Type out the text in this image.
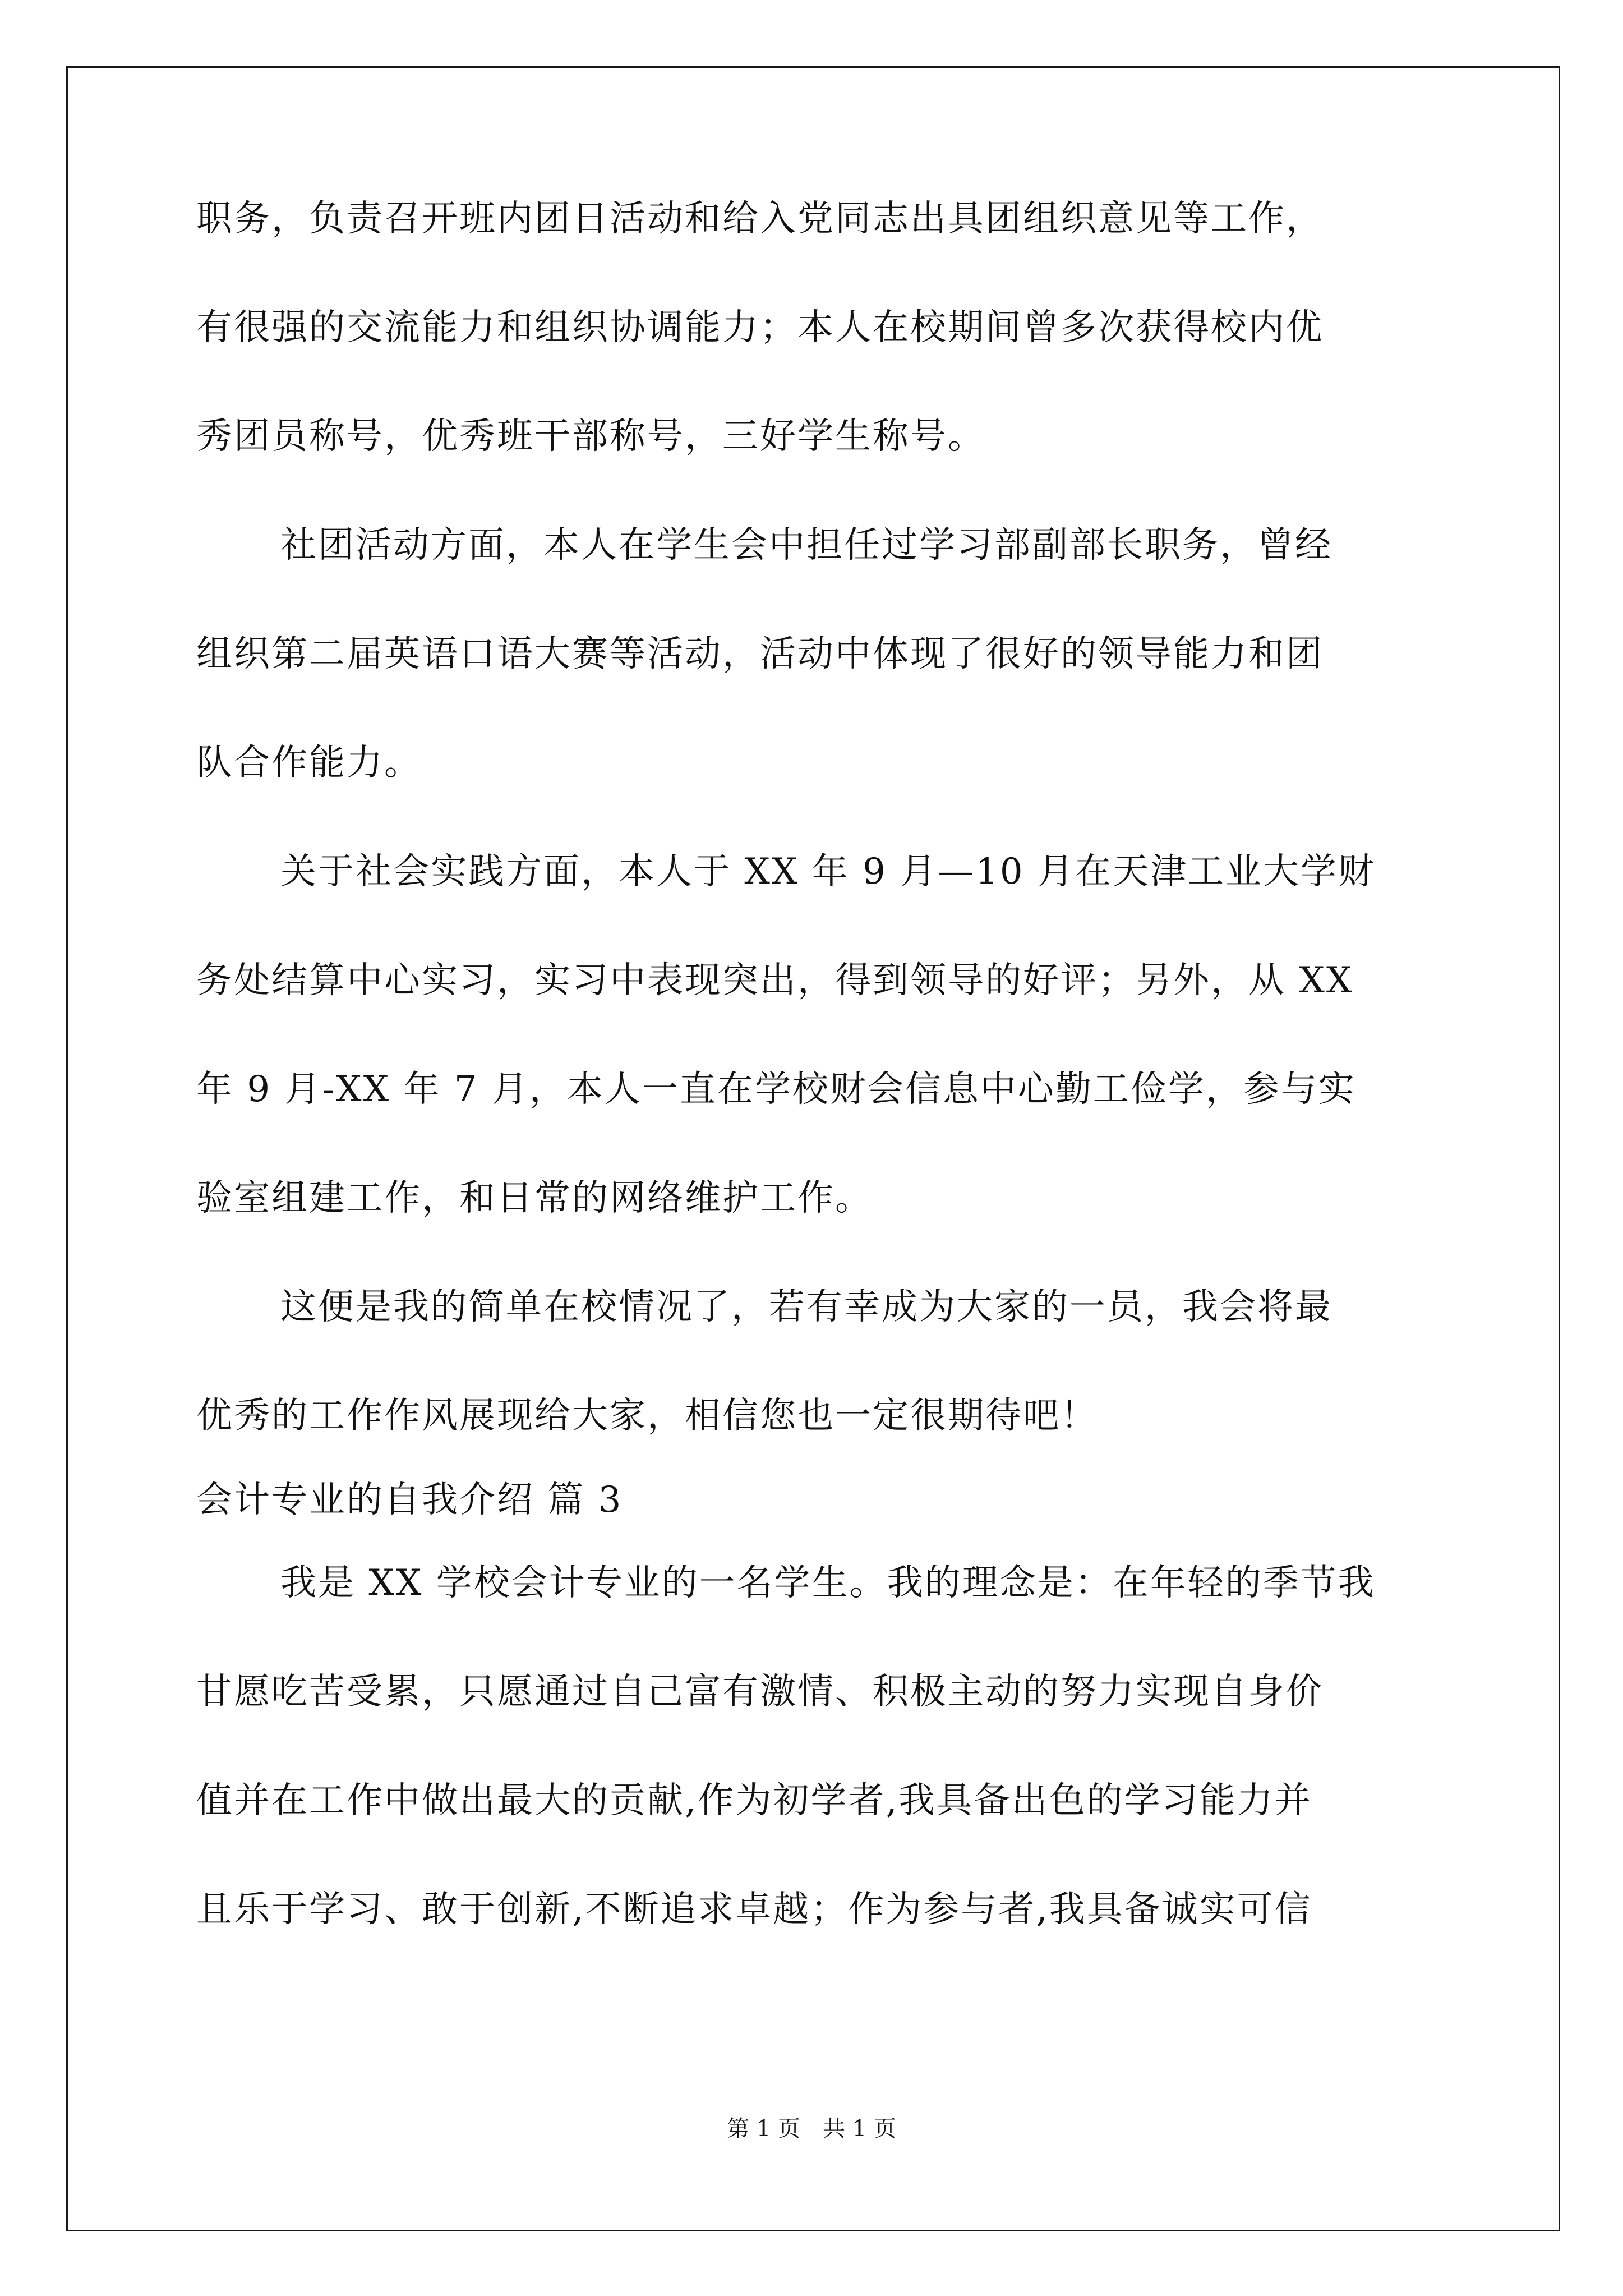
职务，负责召开班内团日活动和给入党同志出具团组织意见等工作，
有很强的交流能力和组织协调能力；本人在校期间曾多次获得校内优
秀团员称号，优秀班干部称号，三好学生称号。
社团活动方面，本人在学生会中担任过学习部副部长职务，曾经
组织第二届英语口语大赛等活动，活动中体现了很好的领导能力和团
队合作能力。
关于社会实践方面，本人于 XX 年 9 月—10 月在天津工业大学财
务处结算中心实习，实习中表现突出，得到领导的好评；另外，从 XX
年 9 月-XX 年 7 月，本人一直在学校财会信息中心勤工俭学，参与实
验室组建工作，和日常的网络维护工作。
这便是我的简单在校情况了，若有幸成为大家的一员，我会将最
优秀的工作作风展现给大家，相信您也一定很期待吧！
会计专业的自我介绍 篇 3
我是 XX 学校会计专业的一名学生。我的理念是：在年轻的季节我
甘愿吃苦受累，只愿通过自己富有激情、积极主动的努力实现自身价
值并在工作中做出最大的贡献,作为初学者,我具备出色的学习能力并
且乐于学习、敢于创新,不断追求卓越；作为参与者,我具备诚实可信
第 1 页　共 1 页
